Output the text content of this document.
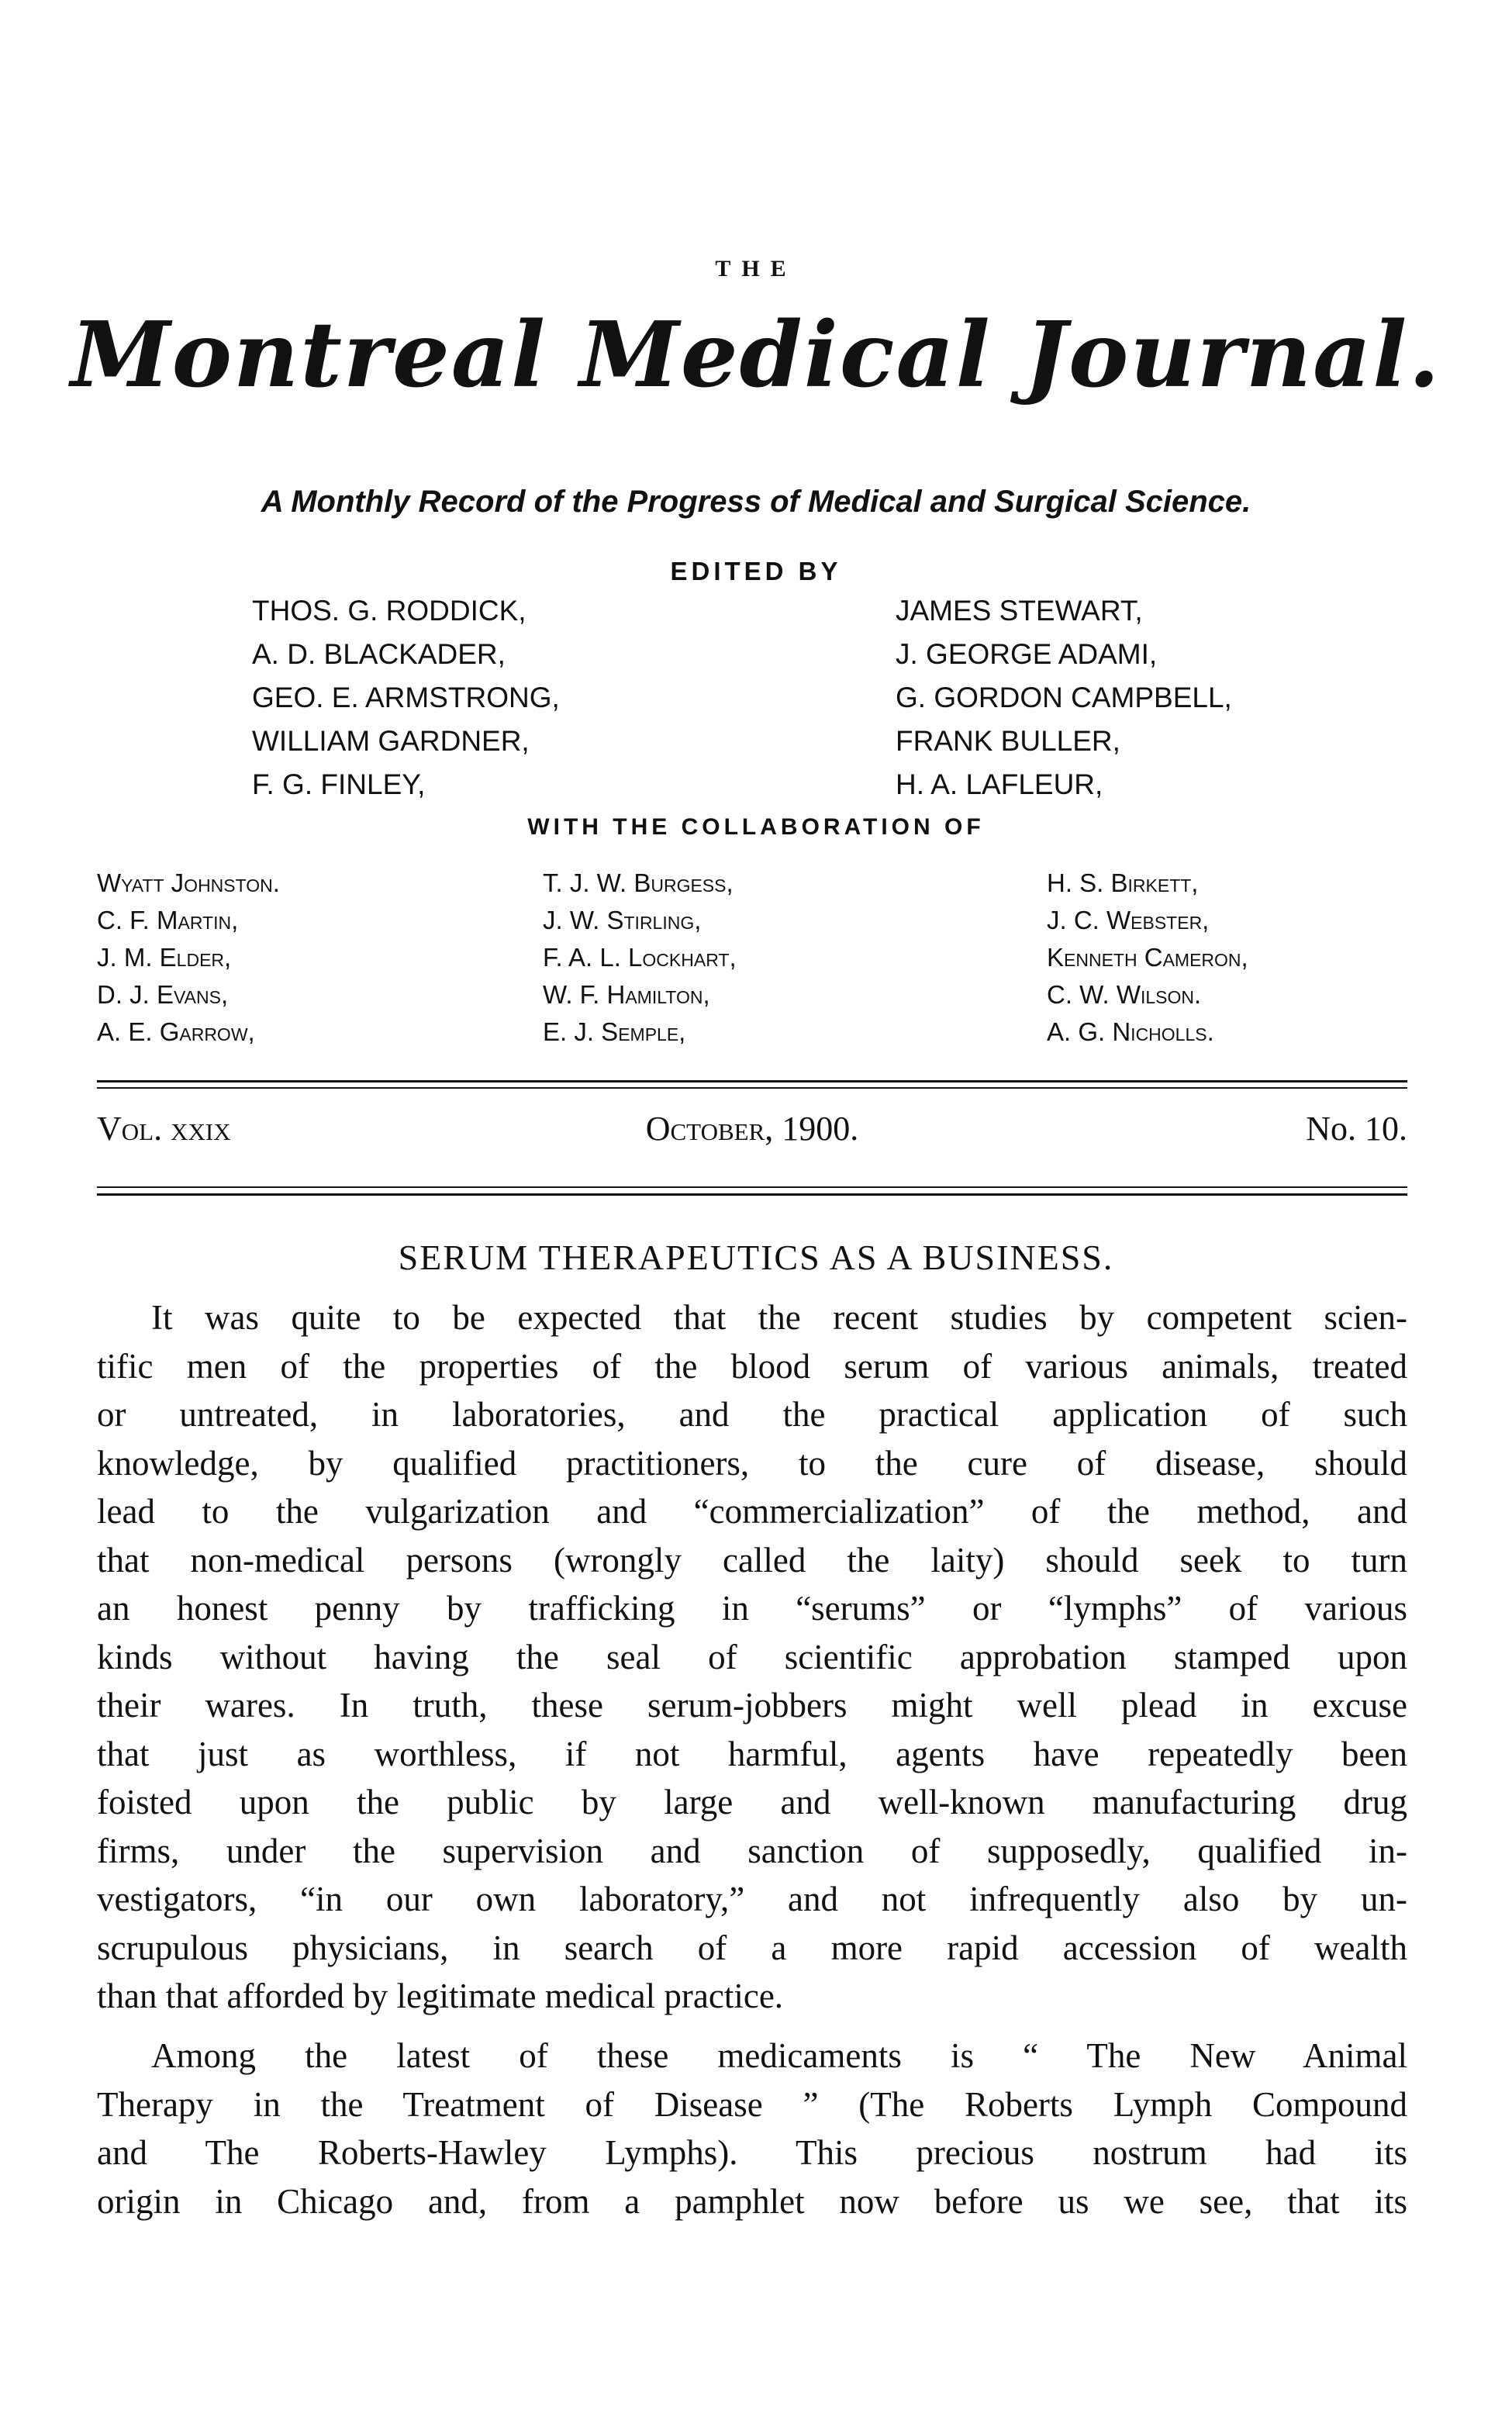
THE
Montreal Medical Journal.
A Monthly Record of the Progress of Medical and Surgical Science.
EDITED BY
THOS. G. RODDICK,
A. D. BLACKADER,
GEO. E. ARMSTRONG,
WILLIAM GARDNER,
F. G. FINLEY,
JAMES STEWART,
J. GEORGE ADAMI,
G. GORDON CAMPBELL,
FRANK BULLER,
H. A. LAFLEUR,
WITH THE COLLABORATION OF
Wyatt Johnston.
C. F. Martin,
J. M. Elder,
D. J. Evans,
A. E. Garrow,
T. J. W. Burgess,
J. W. Stirling,
F. A. L. Lockhart,
W. F. Hamilton,
E. J. Semple,
H. S. Birkett,
J. C. Webster,
Kenneth Cameron,
C. W. Wilson.
A. G. Nicholls.
Vol. xxix	October, 1900.	No. 10.
SERUM THERAPEUTICS AS A BUSINESS.
It was quite to be expected that the recent studies by competent scien-
tific men of the properties of the blood serum of various animals, treated
or untreated, in laboratories, and the practical application of such
knowledge, by qualified practitioners, to the cure of disease, should
lead to the vulgarization and “commercialization” of the method, and
that non-medical persons (wrongly called the laity) should seek to turn
an honest penny by trafficking in “serums” or “lymphs” of various
kinds without having the seal of scientific approbation stamped upon
their wares. In truth, these serum-jobbers might well plead in excuse
that just as worthless, if not harmful, agents have repeatedly been
foisted upon the public by large and well-known manufacturing drug
firms, under the supervision and sanction of supposedly, qualified in-
vestigators, “in our own laboratory,” and not infrequently also by un-
scrupulous physicians, in search of a more rapid accession of wealth
than that afforded by legitimate medical practice.
Among the latest of these medicaments is “ The New Animal
Therapy in the Treatment of Disease ” (The Roberts Lymph Compound
and The Roberts-Hawley Lymphs). This precious nostrum had its
origin in Chicago and, from a pamphlet now before us we see, that its
